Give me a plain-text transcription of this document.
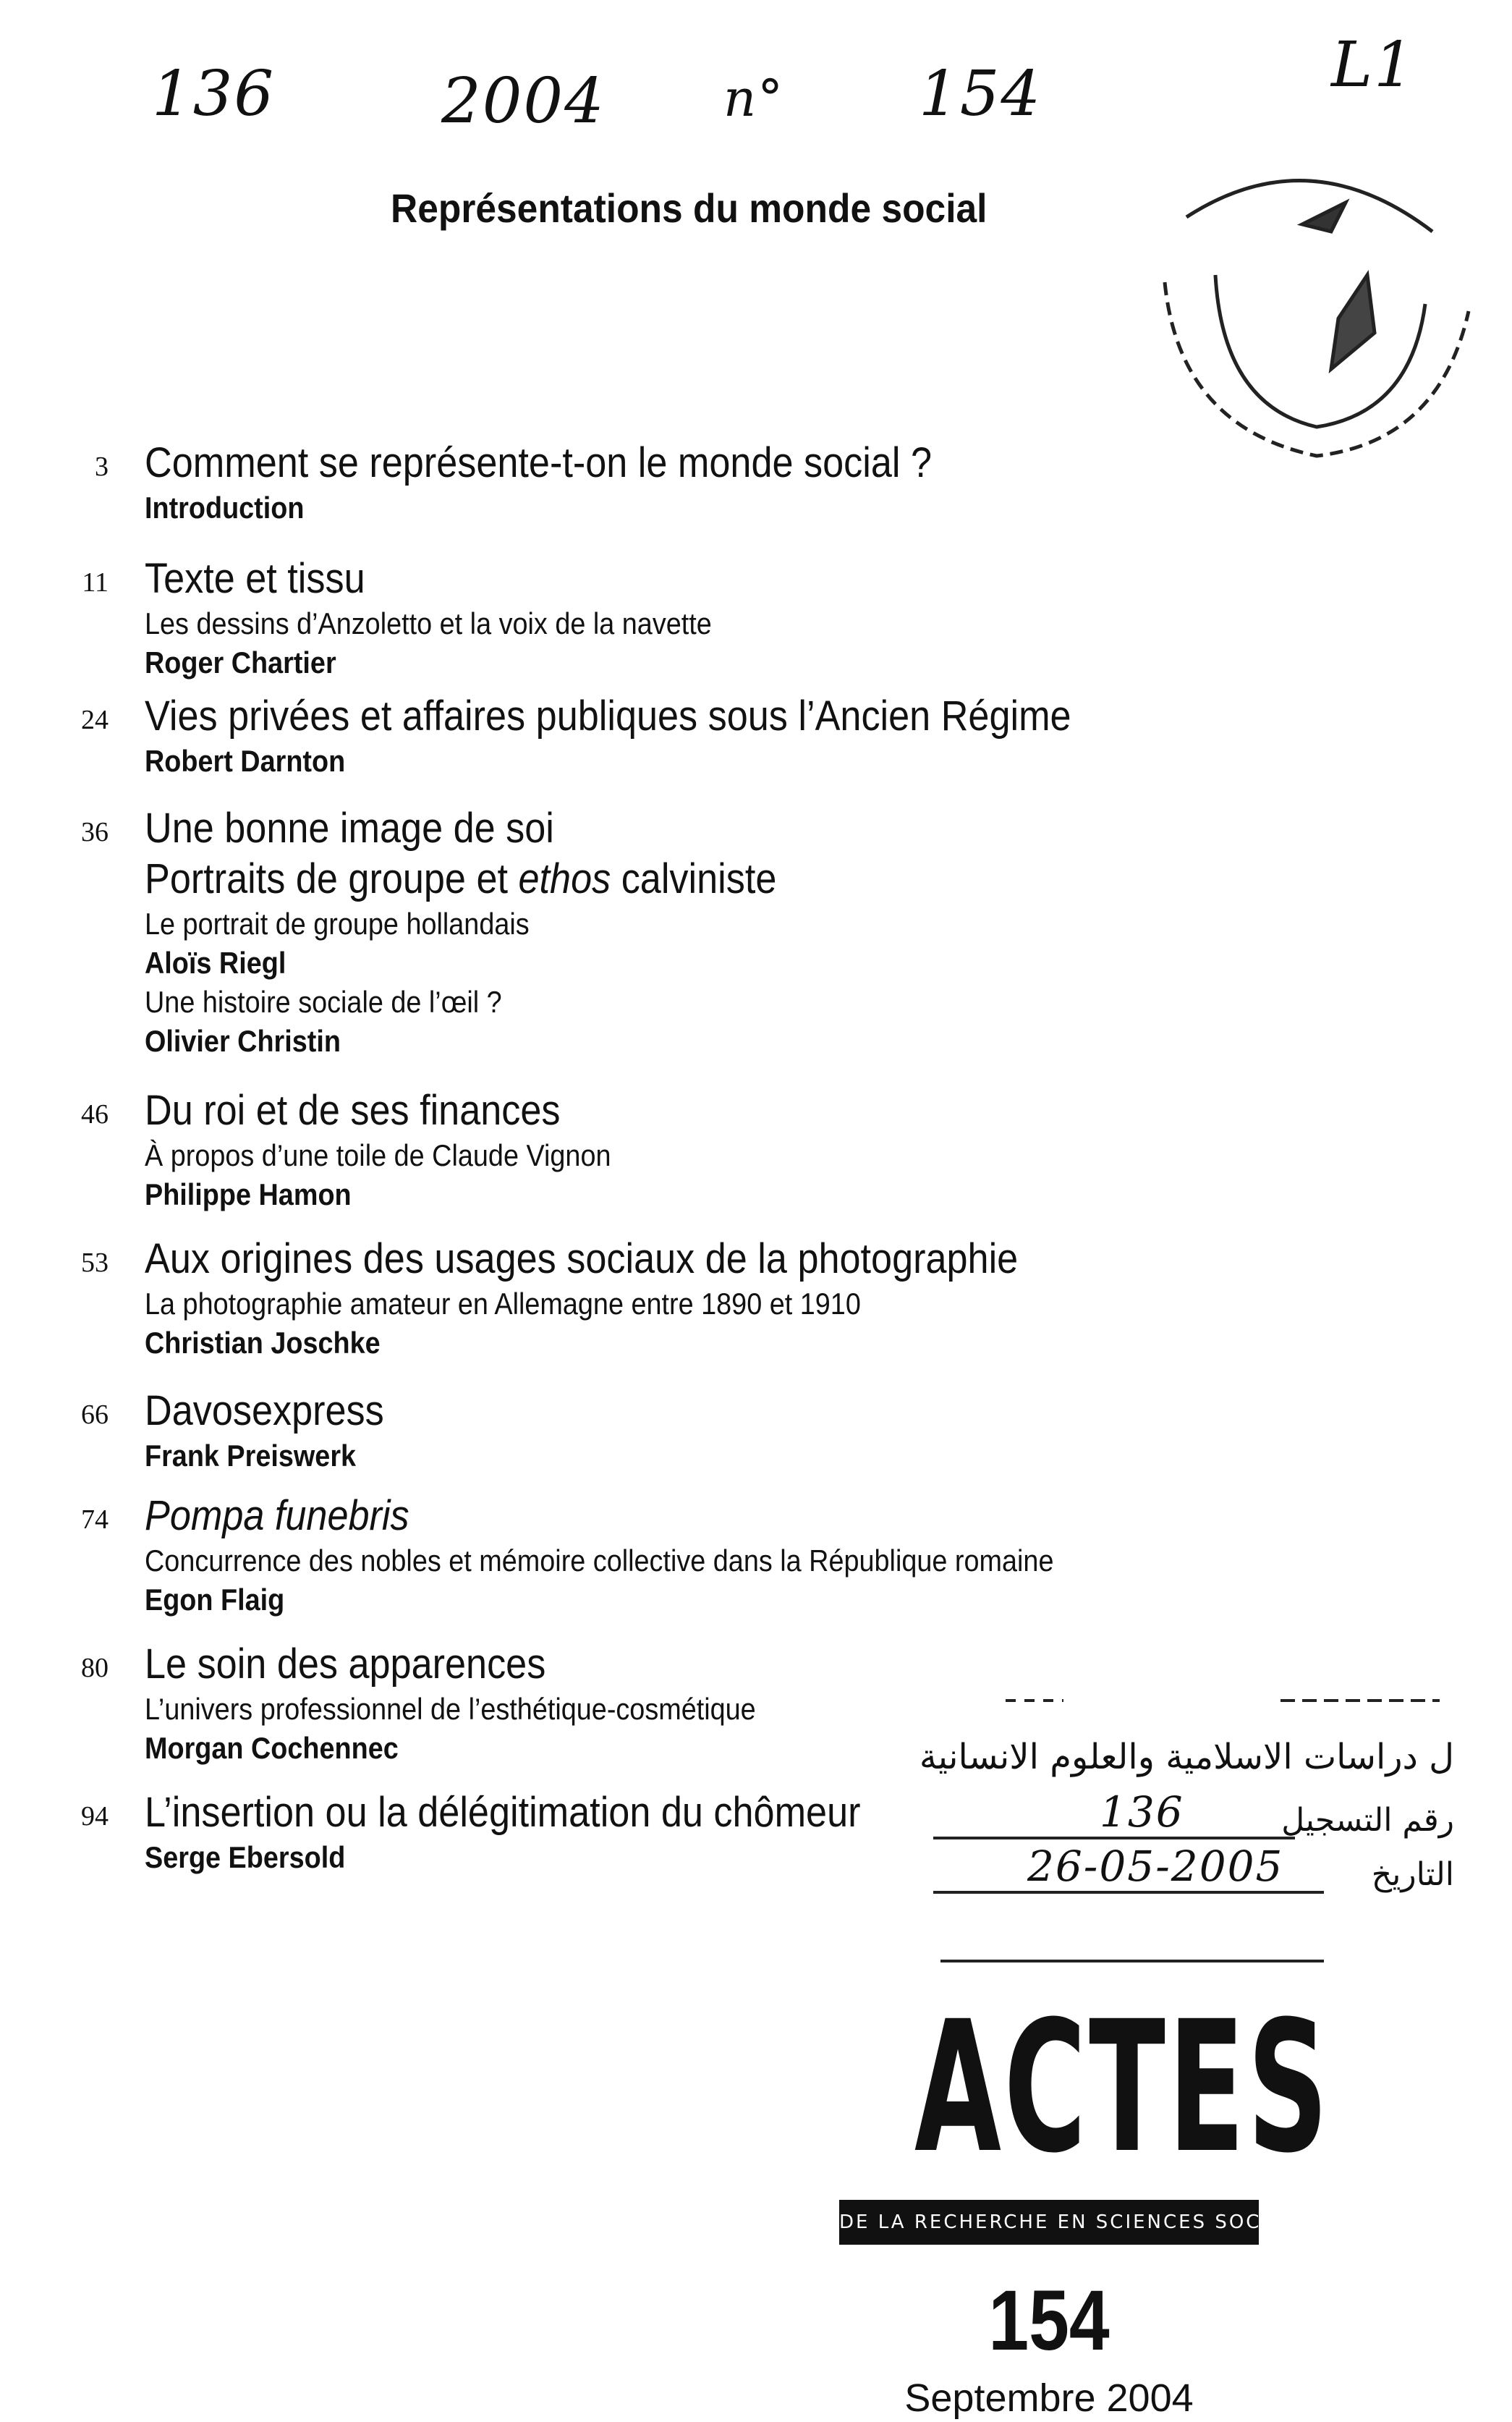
136	2004 n° 154	L1
Représentations du monde social
3 Comment se représente-t-on le monde social ?
Introduction
11 Texte et tissu
Les dessins d’Anzoletto et la voix de la navette
Roger Chartier
24 Vies privées et affaires publiques sous l’Ancien Régime
Robert Darnton
36 Une bonne image de soi
Portraits de groupe et ethos calviniste
Le portrait de groupe hollandais
Aloïs Riegl
Une histoire sociale de l’œil ?
Olivier Christin
46 Du roi et de ses finances
À propos d’une toile de Claude Vignon
Philippe Hamon
53 Aux origines des usages sociaux de la photographie
La photographie amateur en Allemagne entre 1890 et 1910
Christian Joschke
66 Davosexpress
Frank Preiswerk
74 Pompa funebris
Concurrence des nobles et mémoire collective dans la République romaine
Egon Flaig
80 Le soin des apparences
L’univers professionnel de l’esthétique-cosmétique
Morgan Cochennec
94 L’insertion ou la délégitimation du chômeur
Serge Ebersold
ل دراسات الاسلامية والعلوم الانسانية
رقم التسجيل
136
التاريخ
26-05-2005
ACTES
DE LA RECHERCHE EN SCIENCES SOCIALES
154
Septembre 2004
